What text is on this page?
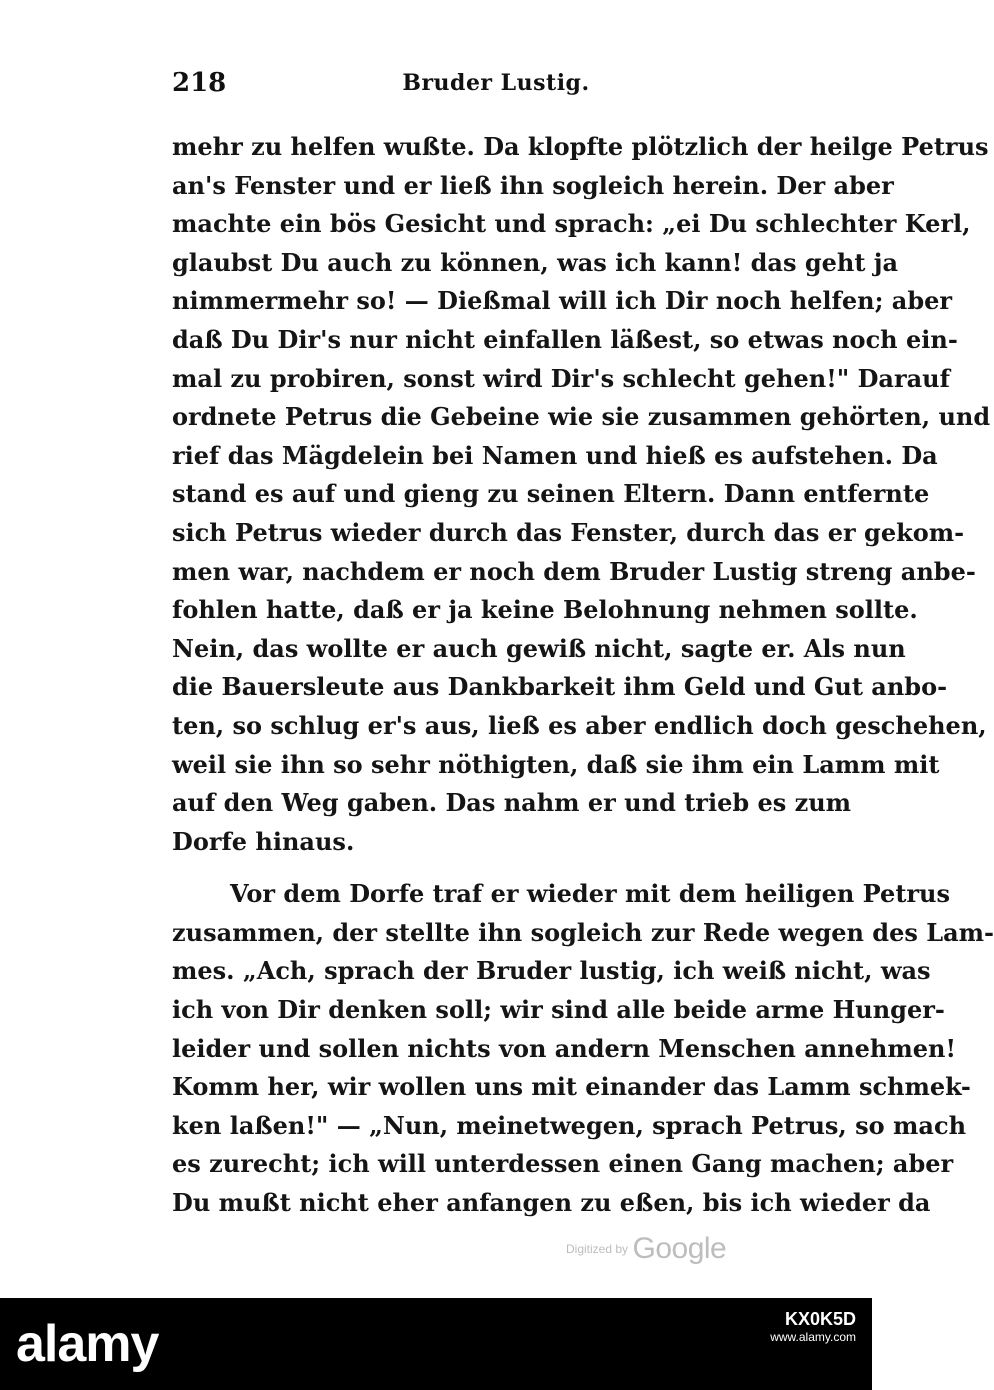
218	Bruder Lustig.
mehr zu helfen wußte. Da klopfte plötzlich der heilge Petrus
an's Fenster und er ließ ihn sogleich herein. Der aber
machte ein bös Gesicht und sprach: „ei Du schlechter Kerl,
glaubst Du auch zu können, was ich kann! das geht ja
nimmermehr so! — Dießmal will ich Dir noch helfen; aber
daß Du Dir's nur nicht einfallen läßest, so etwas noch ein-
mal zu probiren, sonst wird Dir's schlecht gehen!" Darauf
ordnete Petrus die Gebeine wie sie zusammen gehörten, und
rief das Mägdelein bei Namen und hieß es aufstehen. Da
stand es auf und gieng zu seinen Eltern. Dann entfernte
sich Petrus wieder durch das Fenster, durch das er gekom-
men war, nachdem er noch dem Bruder Lustig streng anbe-
fohlen hatte, daß er ja keine Belohnung nehmen sollte.
Nein, das wollte er auch gewiß nicht, sagte er. Als nun
die Bauersleute aus Dankbarkeit ihm Geld und Gut anbo-
ten, so schlug er's aus, ließ es aber endlich doch geschehen,
weil sie ihn so sehr nöthigten, daß sie ihm ein Lamm mit
auf den Weg gaben. Das nahm er und trieb es zum
Dorfe hinaus.
Vor dem Dorfe traf er wieder mit dem heiligen Petrus
zusammen, der stellte ihn sogleich zur Rede wegen des Lam-
mes. „Ach, sprach der Bruder lustig, ich weiß nicht, was
ich von Dir denken soll; wir sind alle beide arme Hunger-
leider und sollen nichts von andern Menschen annehmen!
Komm her, wir wollen uns mit einander das Lamm schmek-
ken laßen!" — „Nun, meinetwegen, sprach Petrus, so mach
es zurecht; ich will unterdessen einen Gang machen; aber
Du mußt nicht eher anfangen zu eßen, bis ich wieder da
Digitized by Google
alamy	KX0K5D
www.alamy.com
